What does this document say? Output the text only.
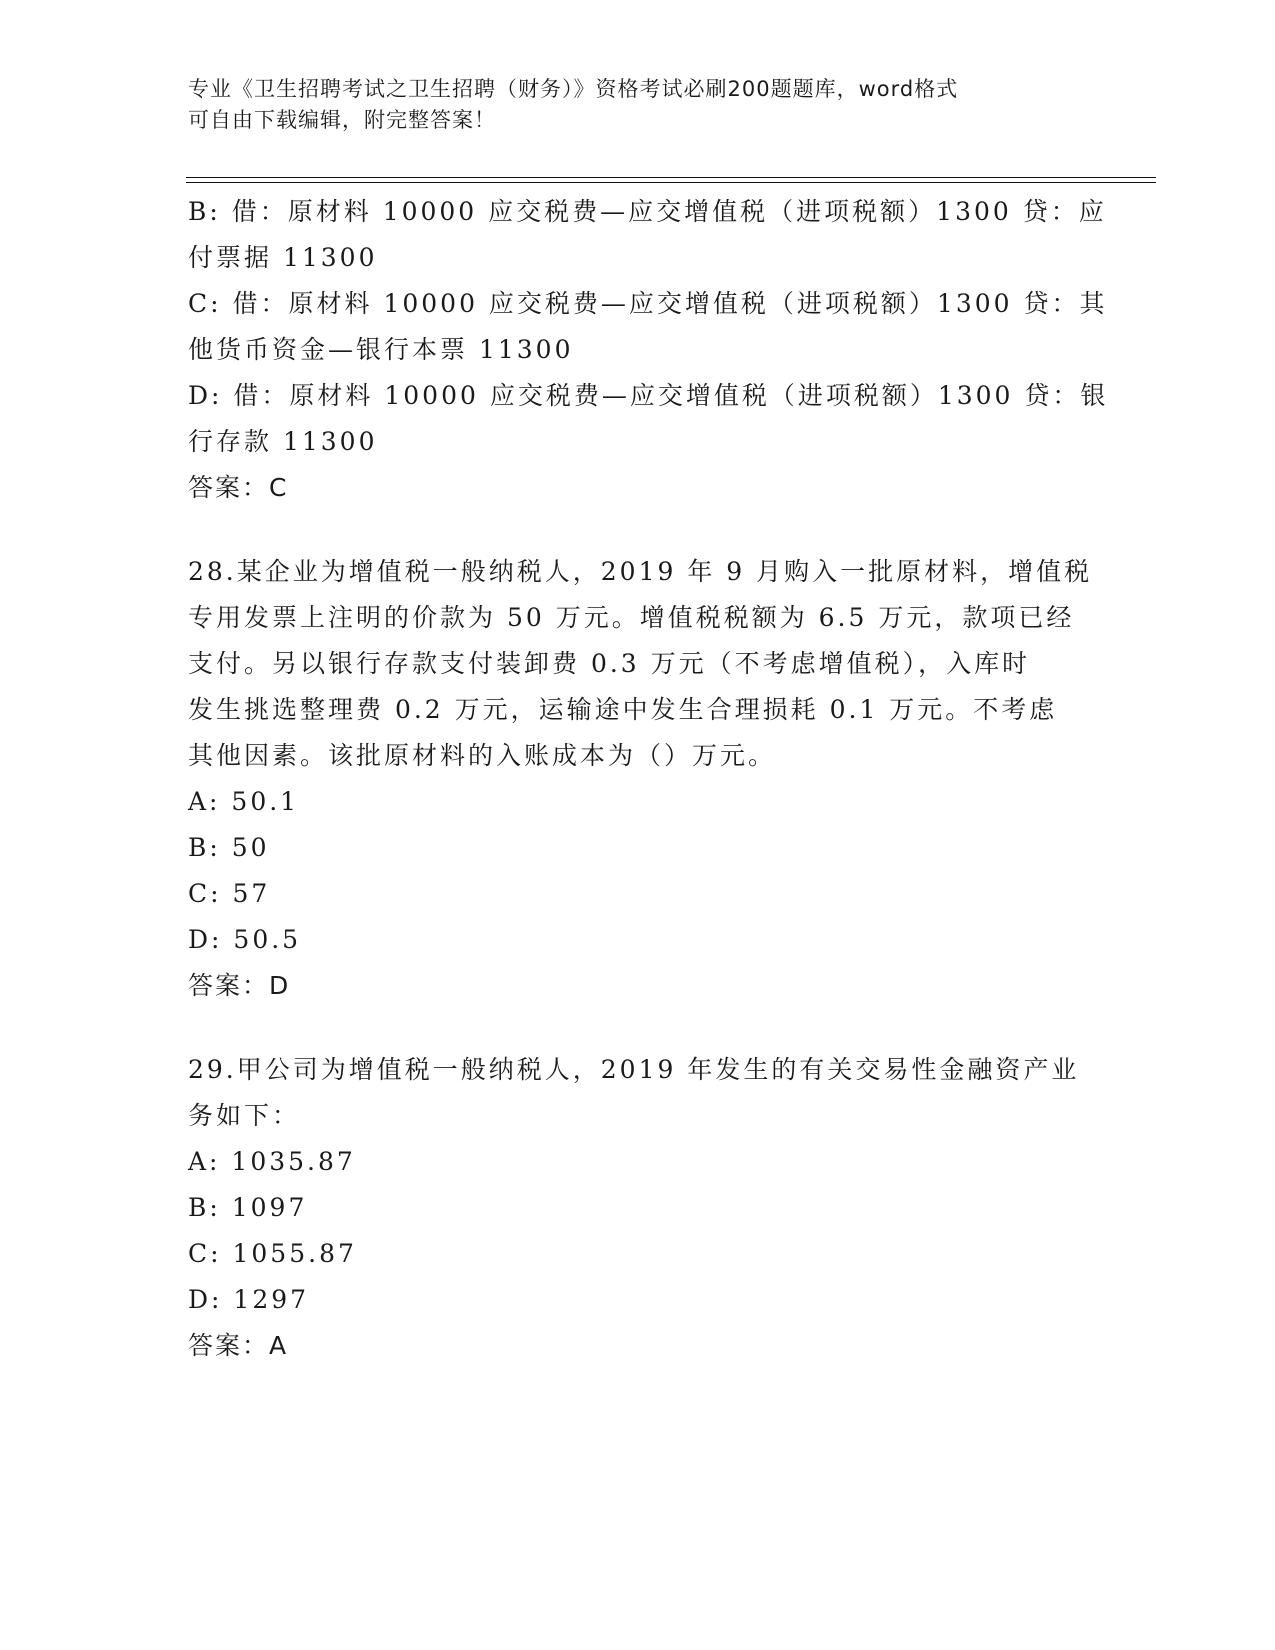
专业《卫生招聘考试之卫生招聘（财务）》资格考试必刷200题题库，word格式
可自由下载编辑，附完整答案！
B: 借：原材料 10000 应交税费—应交增值税（进项税额）1300 贷：应
付票据 11300
C: 借：原材料 10000 应交税费—应交增值税（进项税额）1300 贷：其
他货币资金—银行本票 11300
D: 借：原材料 10000 应交税费—应交增值税（进项税额）1300 贷：银
行存款 11300
答案：C
28.某企业为增值税一般纳税人，2019 年 9 月购入一批原材料，增值税
专用发票上注明的价款为 50 万元。增值税税额为 6.5 万元，款项已经
支付。另以银行存款支付装卸费 0.3 万元（不考虑增值税），入库时
发生挑选整理费 0.2 万元，运输途中发生合理损耗 0.1 万元。不考虑
其他因素。该批原材料的入账成本为（）万元。
A: 50.1
B: 50
C: 57
D: 50.5
答案：D
29.甲公司为增值税一般纳税人，2019 年发生的有关交易性金融资产业
务如下：
A: 1035.87
B: 1097
C: 1055.87
D: 1297
答案：A
